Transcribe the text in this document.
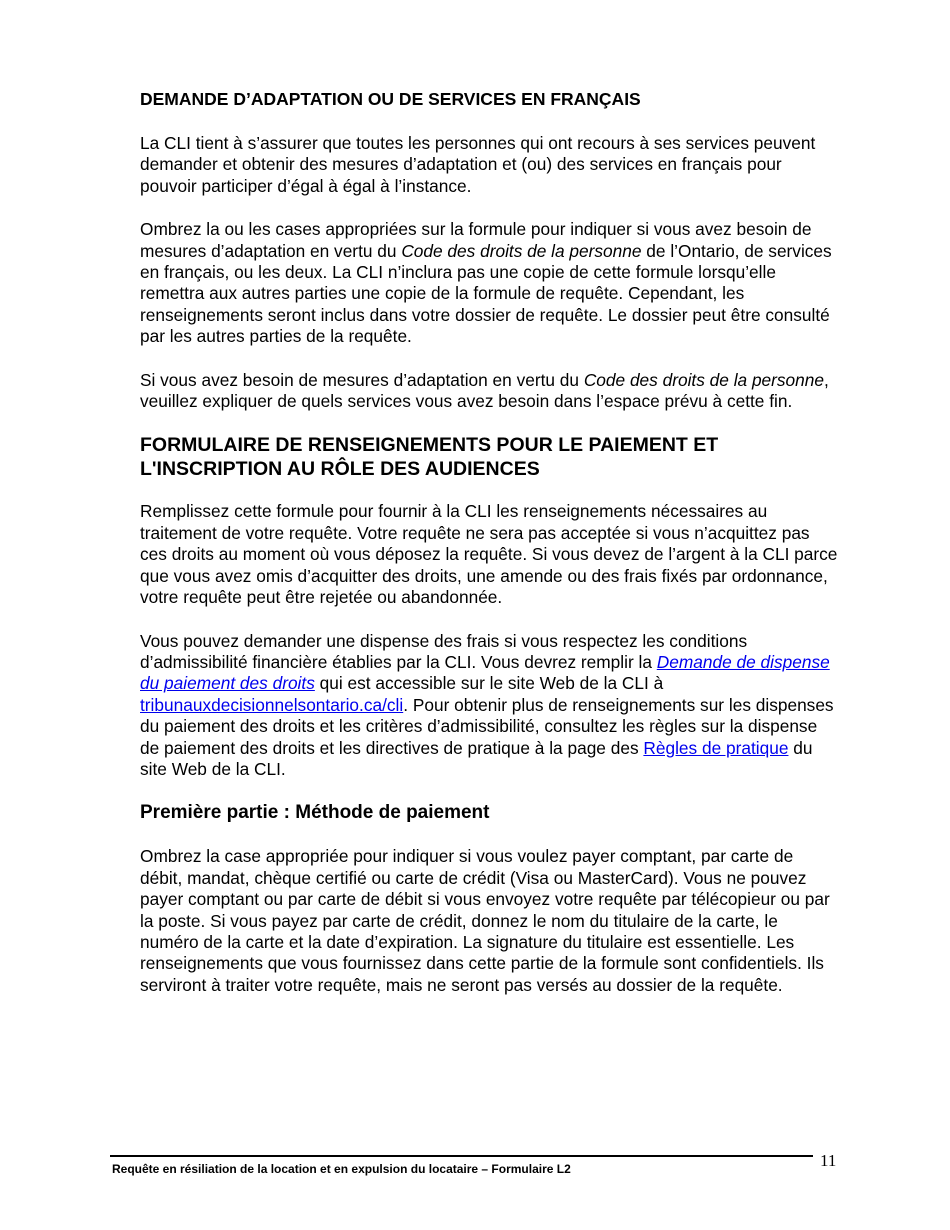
DEMANDE D’ADAPTATION OU DE SERVICES EN FRANÇAIS

La CLI tient à s’assurer que toutes les personnes qui ont recours à ses services peuvent demander et obtenir des mesures d’adaptation et (ou) des services en français pour pouvoir participer d’égal à égal à l’instance.

Ombrez la ou les cases appropriées sur la formule pour indiquer si vous avez besoin de mesures d’adaptation en vertu du Code des droits de la personne de l’Ontario, de services en français, ou les deux. La CLI n’inclura pas une copie de cette formule lorsqu’elle remettra aux autres parties une copie de la formule de requête. Cependant, les renseignements seront inclus dans votre dossier de requête. Le dossier peut être consulté par les autres parties de la requête.

Si vous avez besoin de mesures d’adaptation en vertu du Code des droits de la personne, veuillez expliquer de quels services vous avez besoin dans l’espace prévu à cette fin.

FORMULAIRE DE RENSEIGNEMENTS POUR LE PAIEMENT ET
L'INSCRIPTION AU RÔLE DES AUDIENCES

Remplissez cette formule pour fournir à la CLI les renseignements nécessaires au traitement de votre requête. Votre requête ne sera pas acceptée si vous n’acquittez pas ces droits au moment où vous déposez la requête. Si vous devez de l’argent à la CLI parce que vous avez omis d’acquitter des droits, une amende ou des frais fixés par ordonnance, votre requête peut être rejetée ou abandonnée.

Vous pouvez demander une dispense des frais si vous respectez les conditions d’admissibilité financière établies par la CLI. Vous devrez remplir la Demande de dispense du paiement des droits qui est accessible sur le site Web de la CLI à tribunauxdecisionnelsontario.ca/cli. Pour obtenir plus de renseignements sur les dispenses du paiement des droits et les critères d’admissibilité, consultez les règles sur la dispense de paiement des droits et les directives de pratique à la page des Règles de pratique du site Web de la CLI.

Première partie : Méthode de paiement

Ombrez la case appropriée pour indiquer si vous voulez payer comptant, par carte de débit, mandat, chèque certifié ou carte de crédit (Visa ou MasterCard). Vous ne pouvez payer comptant ou par carte de débit si vous envoyez votre requête par télécopieur ou par la poste. Si vous payez par carte de crédit, donnez le nom du titulaire de la carte, le numéro de la carte et la date d’expiration. La signature du titulaire est essentielle. Les renseignements que vous fournissez dans cette partie de la formule sont confidentiels. Ils serviront à traiter votre requête, mais ne seront pas versés au dossier de la requête.

Requête en résiliation de la location et en expulsion du locataire – Formulaire L2	11
